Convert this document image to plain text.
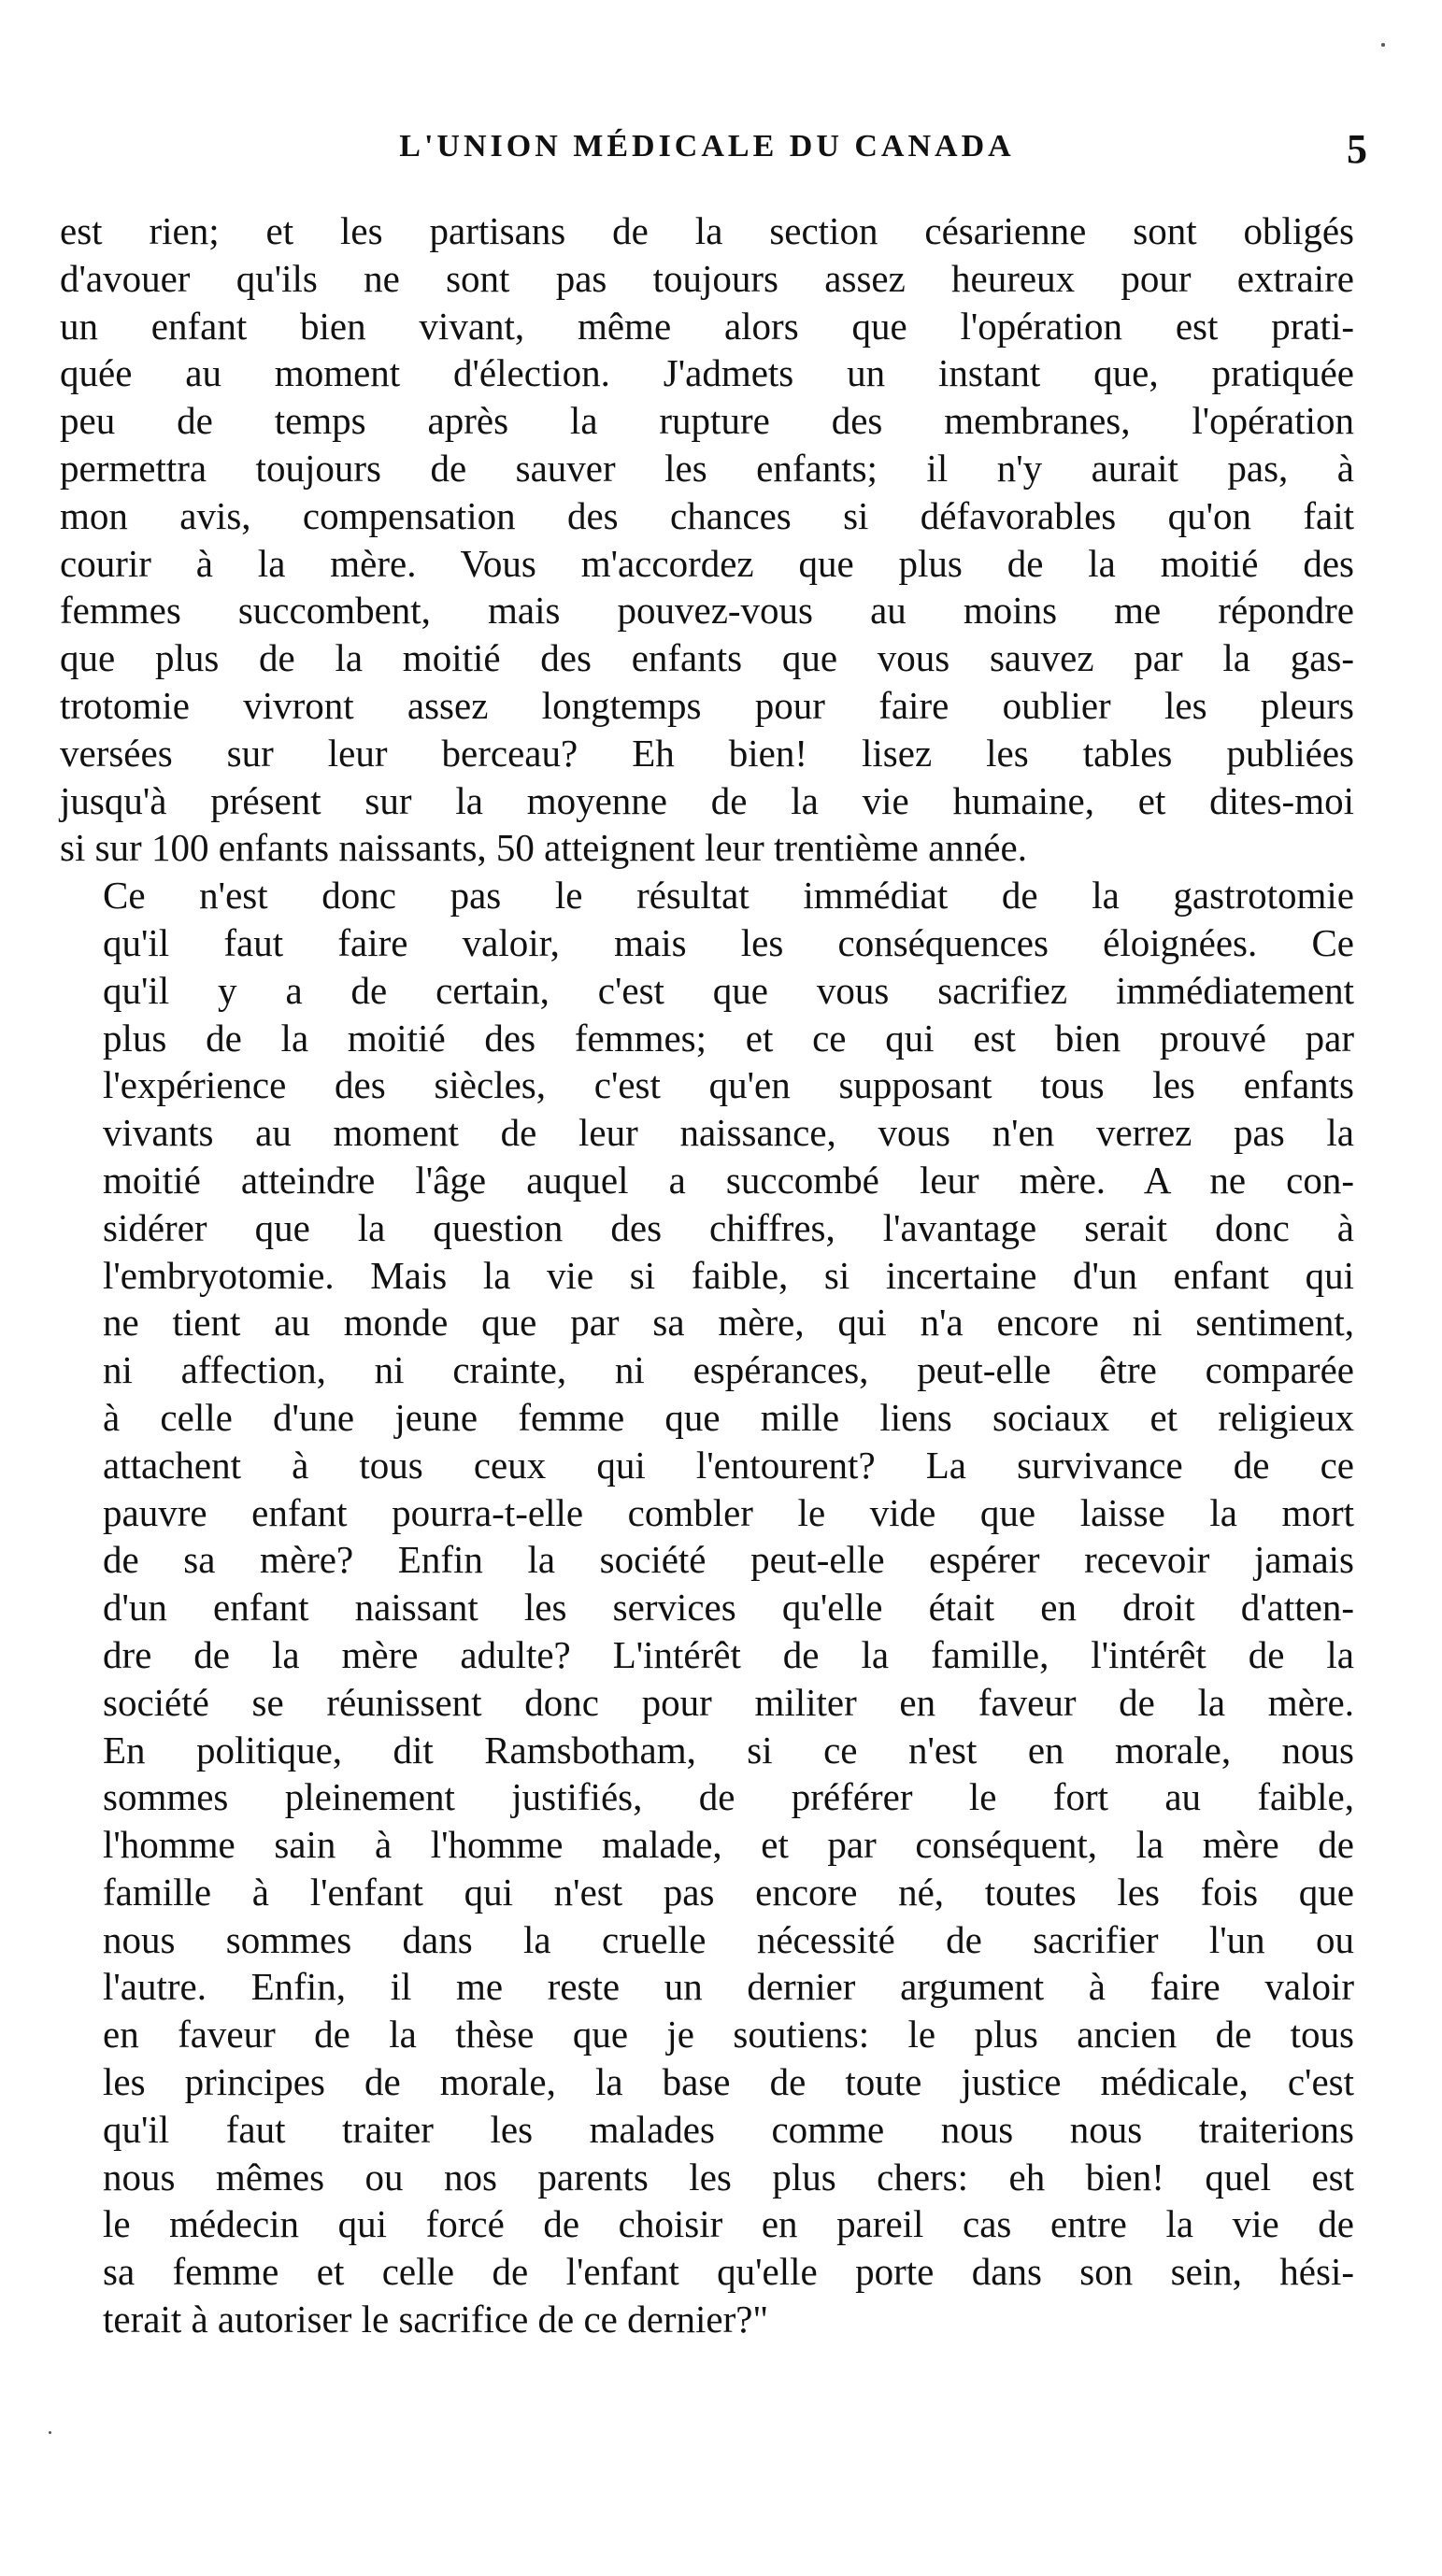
L'UNION MÉDICALE DU CANADA	5

est rien; et les partisans de la section césarienne sont obligés
d'avouer qu'ils ne sont pas toujours assez heureux pour extraire
un enfant bien vivant, même alors que l'opération est prati-
quée au moment d'élection. J'admets un instant que, pratiquée
peu de temps après la rupture des membranes, l'opération
permettra toujours de sauver les enfants; il n'y aurait pas, à
mon avis, compensation des chances si défavorables qu'on fait
courir à la mère. Vous m'accordez que plus de la moitié des
femmes succombent, mais pouvez-vous au moins me répondre
que plus de la moitié des enfants que vous sauvez par la gas-
trotomie vivront assez longtemps pour faire oublier les pleurs
versées sur leur berceau? Eh bien! lisez les tables publiées
jusqu'à présent sur la moyenne de la vie humaine, et dites-moi
si sur 100 enfants naissants, 50 atteignent leur trentième année.

Ce n'est donc pas le résultat immédiat de la gastrotomie
qu'il faut faire valoir, mais les conséquences éloignées. Ce
qu'il y a de certain, c'est que vous sacrifiez immédiatement
plus de la moitié des femmes; et ce qui est bien prouvé par
l'expérience des siècles, c'est qu'en supposant tous les enfants
vivants au moment de leur naissance, vous n'en verrez pas la
moitié atteindre l'âge auquel a succombé leur mère. A ne con-
sidérer que la question des chiffres, l'avantage serait donc à
l'embryotomie. Mais la vie si faible, si incertaine d'un enfant qui
ne tient au monde que par sa mère, qui n'a encore ni sentiment,
ni affection, ni crainte, ni espérances, peut-elle être comparée
à celle d'une jeune femme que mille liens sociaux et religieux
attachent à tous ceux qui l'entourent? La survivance de ce
pauvre enfant pourra-t-elle combler le vide que laisse la mort
de sa mère? Enfin la société peut-elle espérer recevoir jamais
d'un enfant naissant les services qu'elle était en droit d'atten-
dre de la mère adulte? L'intérêt de la famille, l'intérêt de la
société se réunissent donc pour militer en faveur de la mère.
En politique, dit Ramsbotham, si ce n'est en morale, nous
sommes pleinement justifiés, de préférer le fort au faible,
l'homme sain à l'homme malade, et par conséquent, la mère de
famille à l'enfant qui n'est pas encore né, toutes les fois que
nous sommes dans la cruelle nécessité de sacrifier l'un ou
l'autre. Enfin, il me reste un dernier argument à faire valoir
en faveur de la thèse que je soutiens: le plus ancien de tous
les principes de morale, la base de toute justice médicale, c'est
qu'il faut traiter les malades comme nous nous traiterions
nous mêmes ou nos parents les plus chers: eh bien! quel est
le médecin qui forcé de choisir en pareil cas entre la vie de
sa femme et celle de l'enfant qu'elle porte dans son sein, hési-
terait à autoriser le sacrifice de ce dernier?"
